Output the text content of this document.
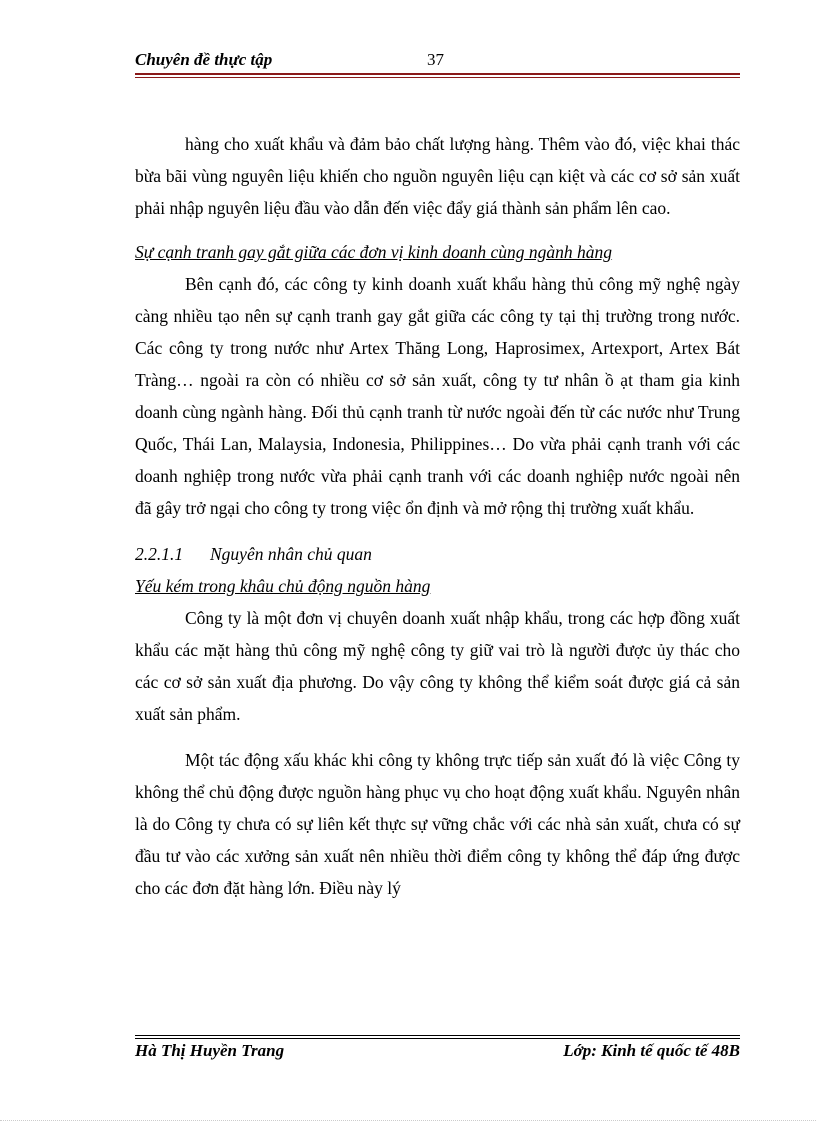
Chuyên đề thực tập	37

hàng cho xuất khẩu và đảm bảo chất lượng hàng. Thêm vào đó, việc khai thác bừa bãi vùng nguyên liệu khiến cho nguồn nguyên liệu cạn kiệt và các cơ sở sản xuất phải nhập nguyên liệu đầu vào dẫn đến việc đẩy giá thành sản phẩm lên cao.

Sự cạnh tranh gay gắt giữa các đơn vị kinh doanh cùng ngành hàng

Bên cạnh đó, các công ty kinh doanh xuất khẩu hàng thủ công mỹ nghệ ngày càng nhiều tạo nên sự cạnh tranh gay gắt giữa các công ty tại thị trường trong nước. Các công ty trong nước như Artex Thăng Long, Haprosimex, Artexport, Artex Bát Tràng… ngoài ra còn có nhiều cơ sở sản xuất, công ty tư nhân ồ ạt tham gia kinh doanh cùng ngành hàng. Đối thủ cạnh tranh từ nước ngoài đến từ các nước như Trung Quốc, Thái Lan, Malaysia, Indonesia, Philippines… Do vừa phải cạnh tranh với các doanh nghiệp trong nước vừa phải cạnh tranh với các doanh nghiệp nước ngoài nên đã gây trở ngại cho công ty trong việc ổn định và mở rộng thị trường xuất khẩu.

2.2.1.1 Nguyên nhân chủ quan

Yếu kém trong khâu chủ động nguồn hàng

Công ty là một đơn vị chuyên doanh xuất nhập khẩu, trong các hợp đồng xuất khẩu các mặt hàng thủ công mỹ nghệ công ty giữ vai trò là người được ủy thác cho các cơ sở sản xuất địa phương. Do vậy công ty không thể kiểm soát được giá cả sản xuất sản phẩm.

Một tác động xấu khác khi công ty không trực tiếp sản xuất đó là việc Công ty không thể chủ động được nguồn hàng phục vụ cho hoạt động xuất khẩu. Nguyên nhân là do Công ty chưa có sự liên kết thực sự vững chắc với các nhà sản xuất, chưa có sự đầu tư vào các xưởng sản xuất nên nhiều thời điểm công ty không thể đáp ứng được cho các đơn đặt hàng lớn. Điều này lý

Hà Thị Huyền Trang	Lớp: Kinh tế quốc tế 48B
